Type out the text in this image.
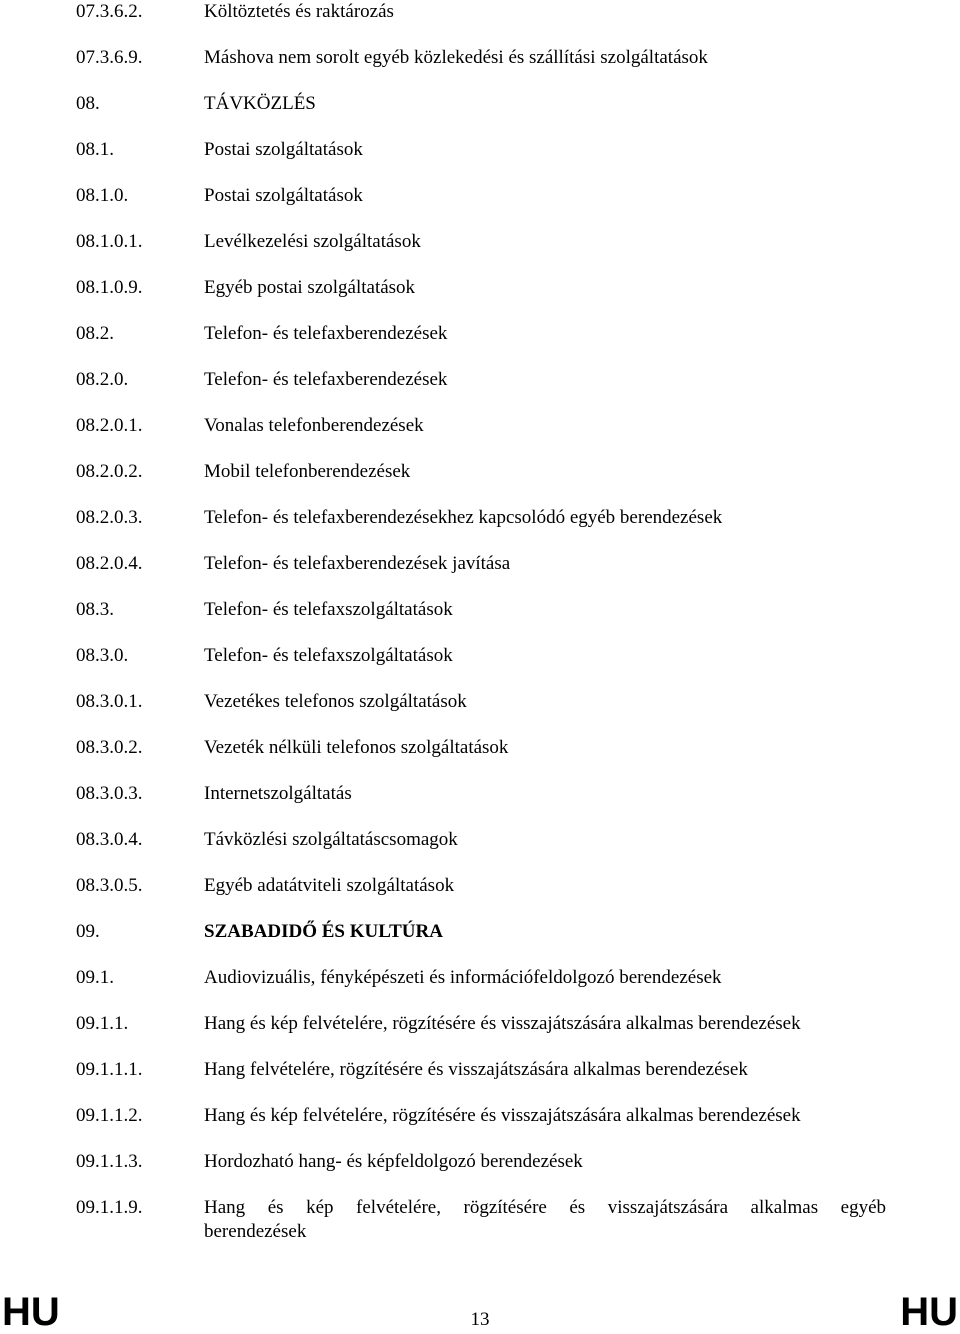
07.3.6.2.	Költöztetés és raktározás
07.3.6.9.	Máshova nem sorolt egyéb közlekedési és szállítási szolgáltatások
08.	TÁVKÖZLÉS
08.1.	Postai szolgáltatások
08.1.0.	Postai szolgáltatások
08.1.0.1.	Levélkezelési szolgáltatások
08.1.0.9.	Egyéb postai szolgáltatások
08.2.	Telefon- és telefaxberendezések
08.2.0.	Telefon- és telefaxberendezések
08.2.0.1.	Vonalas telefonberendezések
08.2.0.2.	Mobil telefonberendezések
08.2.0.3.	Telefon- és telefaxberendezésekhez kapcsolódó egyéb berendezések
08.2.0.4.	Telefon- és telefaxberendezések javítása
08.3.	Telefon- és telefaxszolgáltatások
08.3.0.	Telefon- és telefaxszolgáltatások
08.3.0.1.	Vezetékes telefonos szolgáltatások
08.3.0.2.	Vezeték nélküli telefonos szolgáltatások
08.3.0.3.	Internetszolgáltatás
08.3.0.4.	Távközlési szolgáltatáscsomagok
08.3.0.5.	Egyéb adatátviteli szolgáltatások
09.	SZABADIDŐ ÉS KULTÚRA
09.1.	Audiovizuális, fényképészeti és információfeldolgozó berendezések
09.1.1.	Hang és kép felvételére, rögzítésére és visszajátszására alkalmas berendezések
09.1.1.1.	Hang felvételére, rögzítésére és visszajátszására alkalmas berendezések
09.1.1.2.	Hang és kép felvételére, rögzítésére és visszajátszására alkalmas berendezések
09.1.1.3.	Hordozható hang- és képfeldolgozó berendezések
09.1.1.9.	Hang és kép felvételére, rögzítésére és visszajátszására alkalmas egyéb
berendezések
HU	13	HU
